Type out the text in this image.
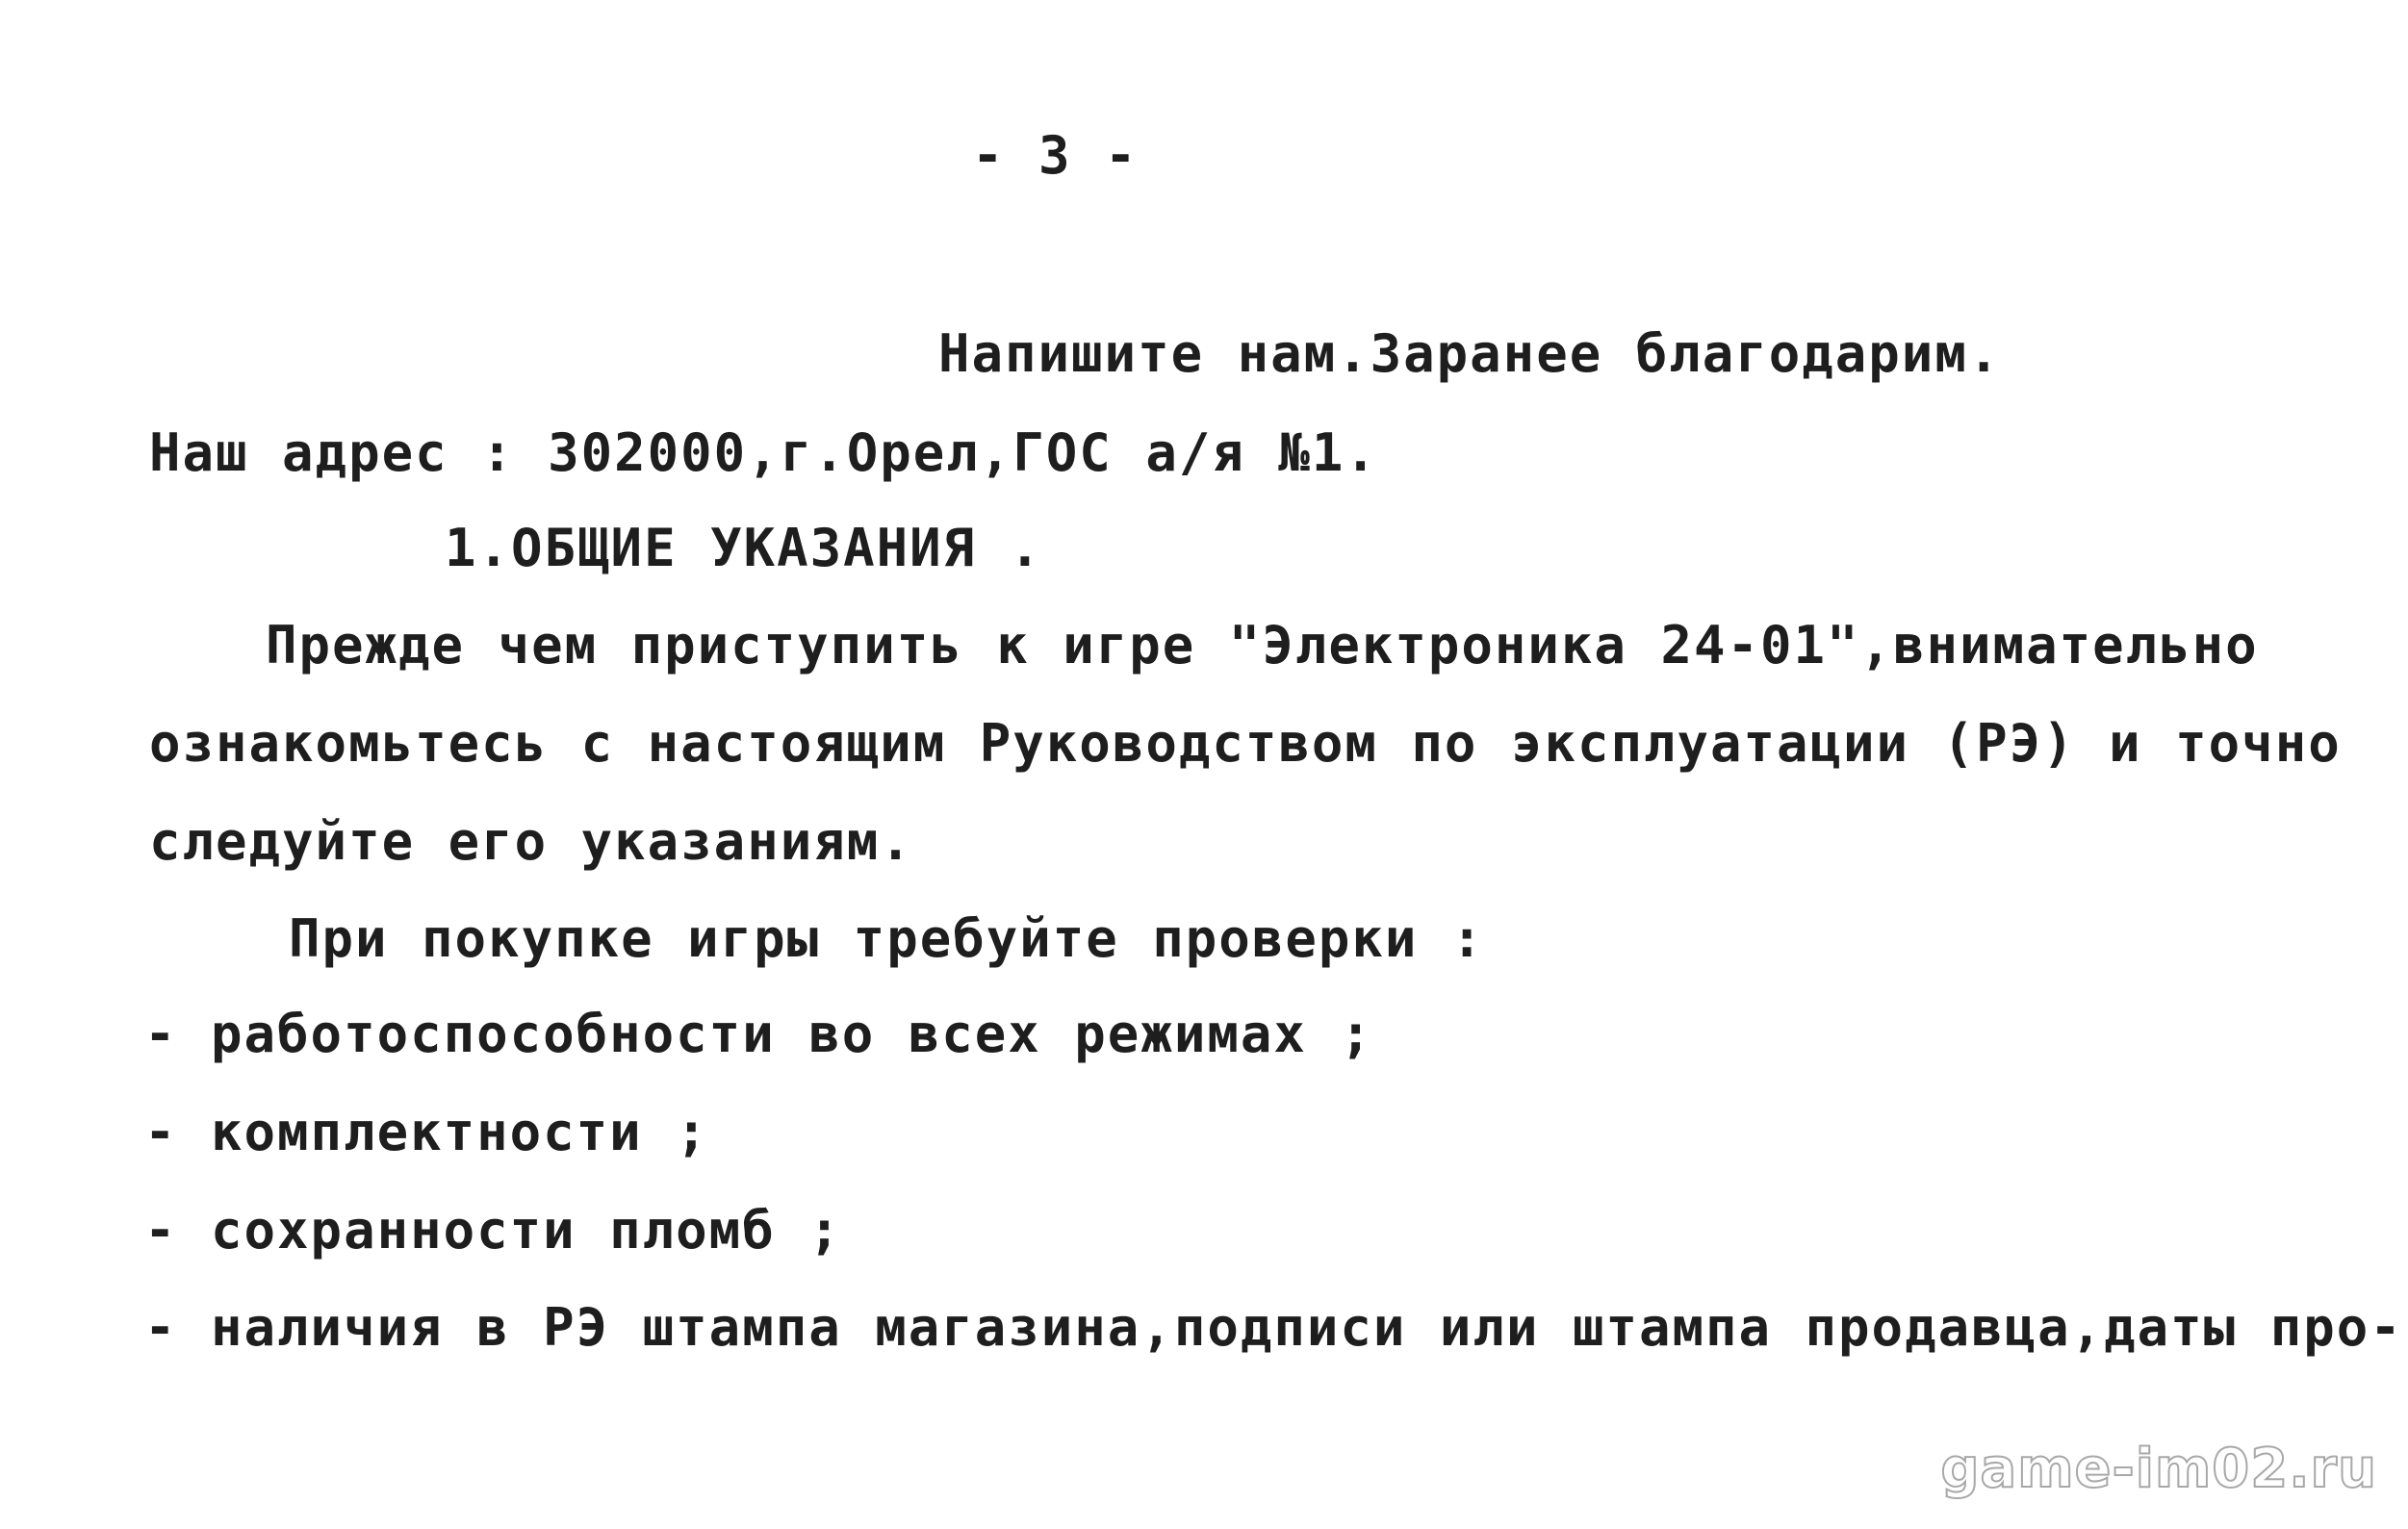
- 3 -
Напишите нам.Заранее благодарим.
Наш адрес : 302000,г.Орел,ГОС а/я №1.
1.ОБЩИЕ УКАЗАНИЯ .
Прежде чем приступить к игре "Электроника 24-01",внимательно
ознакомьтесь с настоящим Руководством по эксплуатации (РЭ) и точно
следуйте его указаниям.
При покупке игры требуйте проверки :
- работоспособности во всех режимах ;
- комплектности ;
- сохранности пломб ;
- наличия в РЭ штампа магазина,подписи или штампа продавца,даты про-
game-im02.ru
